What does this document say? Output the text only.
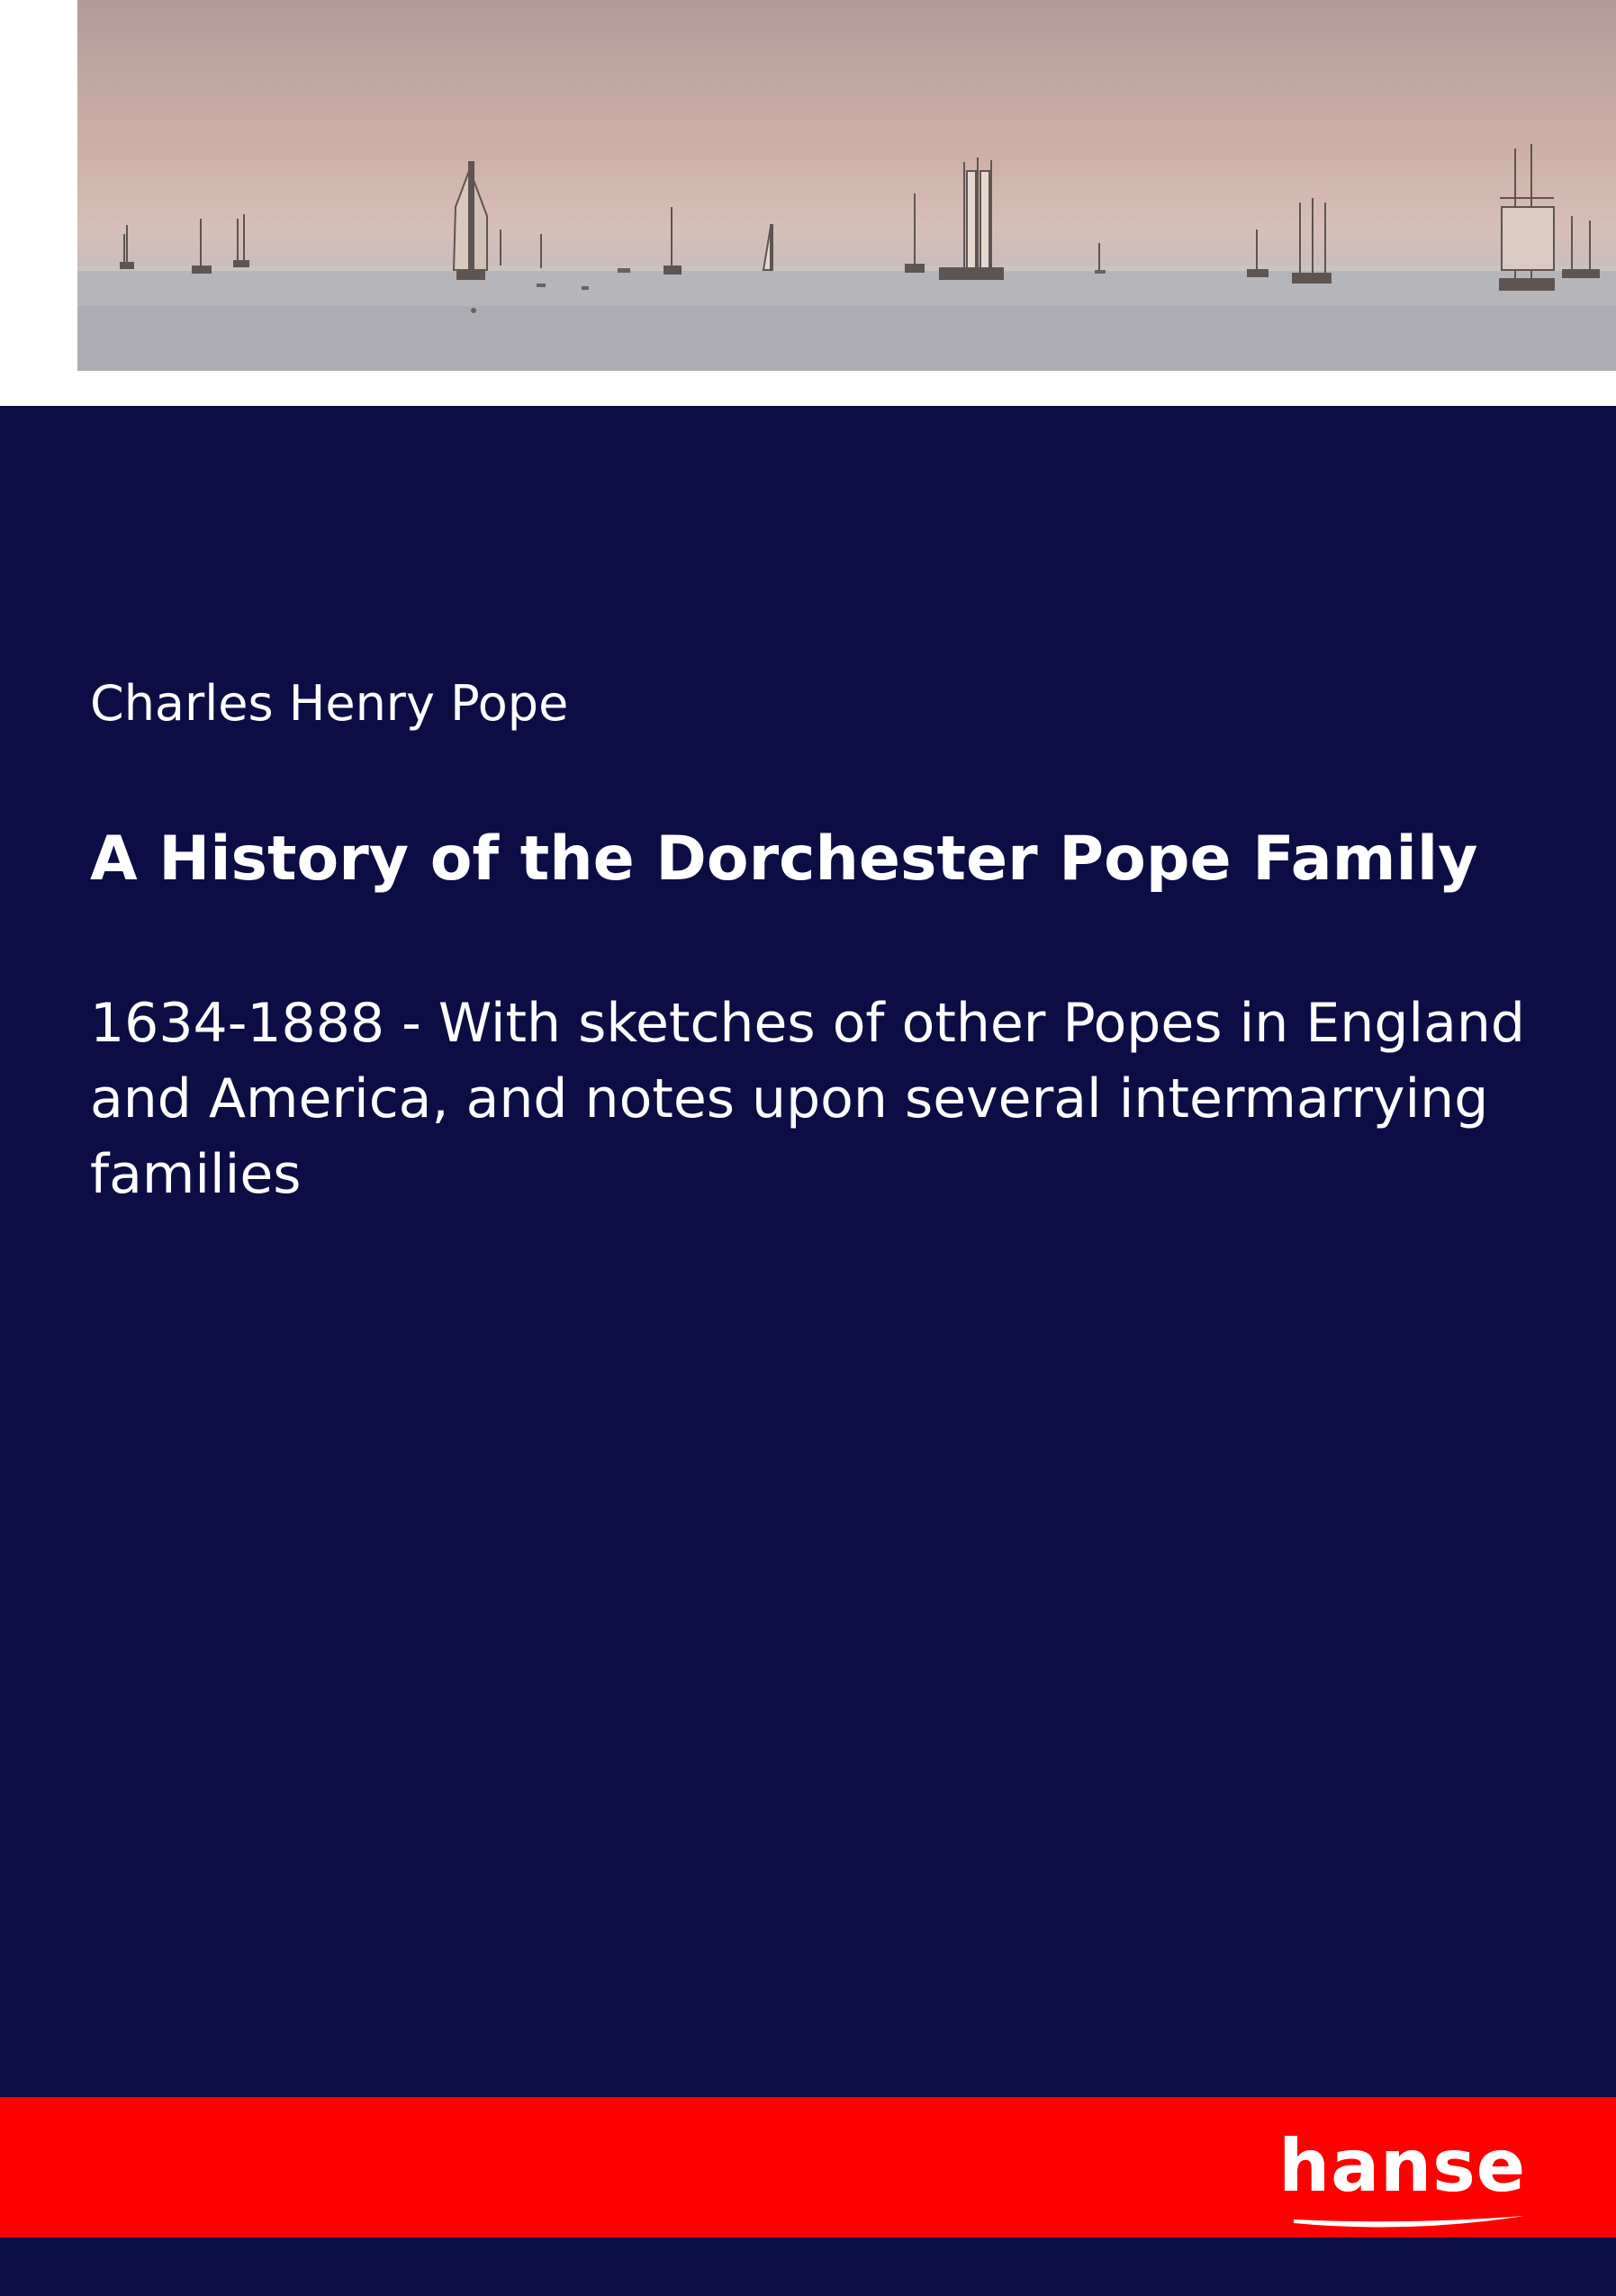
Charles Henry Pope
A History of the Dorchester Pope Family

1634-1888 - With sketches of other Popes in England and America, and notes upon several intermarrying families

hanse
